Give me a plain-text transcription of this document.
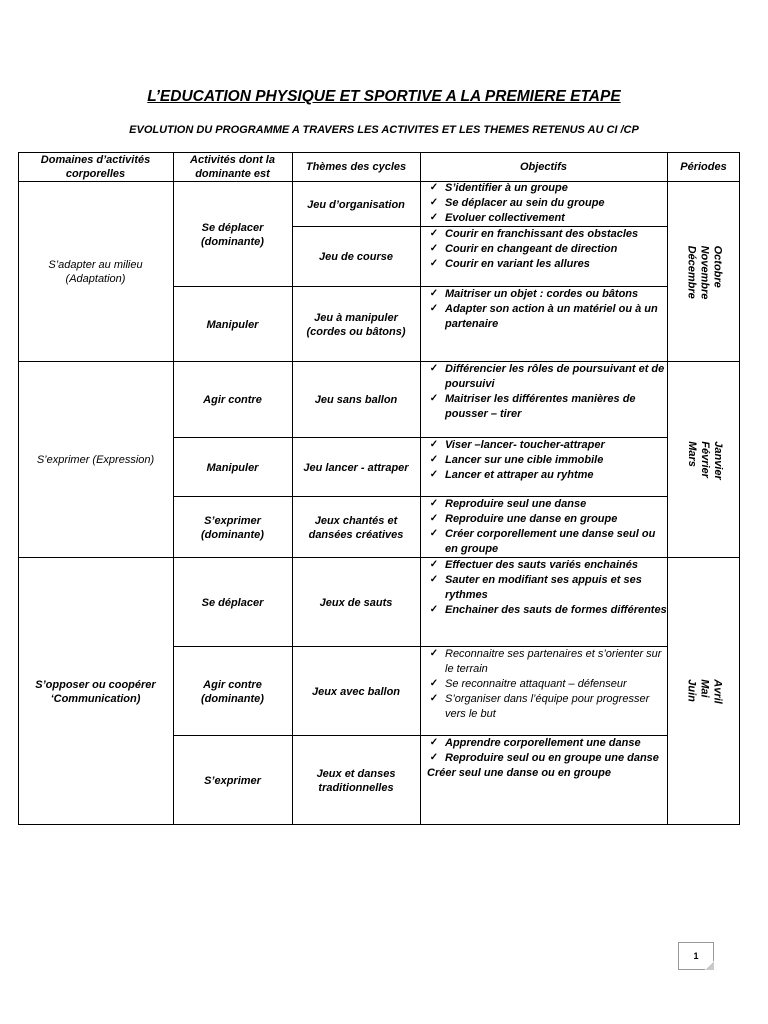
L’EDUCATION PHYSIQUE ET SPORTIVE A LA PREMIERE ETAPE
EVOLUTION DU PROGRAMME A TRAVERS LES ACTIVITES ET LES THEMES RETENUS AU CI /CP
Domaines d’activités corporelles
Activités dont la dominante est
Thèmes des cycles	Objectifs	Périodes
S’adapter au milieu (Adaptation)
S’exprimer (Expression)
S’opposer ou coopérer ‘Communication)
Se déplacer (dominante)
Manipuler
Agir contre
Manipuler
S’exprimer (dominante)
Se déplacer
Agir contre (dominante)
S’exprimer
Jeu d’organisation
Jeu de course
Jeu à manipuler (cordes ou bâtons)
Jeu sans ballon
Jeu lancer - attraper
Jeux chantés et dansées créatives
Jeux de sauts
Jeux avec ballon
Jeux et danses traditionnelles
✓ S’identifier à un groupe
✓ Se déplacer au sein du groupe
✓ Evoluer collectivement
✓ Courir en franchissant des obstacles
✓ Courir en changeant de direction
✓ Courir en variant les allures
✓ Maitriser un objet : cordes ou bâtons
✓ Adapter son action à un matériel ou à un partenaire
✓ Différencier les rôles de poursuivant et de poursuivi
✓ Maitriser les différentes manières de pousser – tirer
✓ Viser –lancer- toucher-attraper
✓ Lancer sur une cible immobile
✓ Lancer et attraper au ryhtme
✓ Reproduire seul une danse
✓ Reproduire une danse en groupe
✓ Créer corporellement une danse seul ou en groupe
✓ Effectuer des sauts variés enchainés
✓ Sauter en modifiant ses appuis et ses rythmes
✓ Enchainer des sauts de formes différentes
✓ Reconnaitre ses partenaires et s’orienter sur le terrain
✓ Se reconnaitre attaquant – défenseur
✓ S’organiser dans l’équipe pour progresser vers le but
✓ Apprendre corporellement une danse
✓ Reproduire seul ou en groupe une danse
Créer seul une danse ou en groupe
Octobre
Novembre
Décembre
Janvier
Février
Mars
Avril
Mai
Juin
1
